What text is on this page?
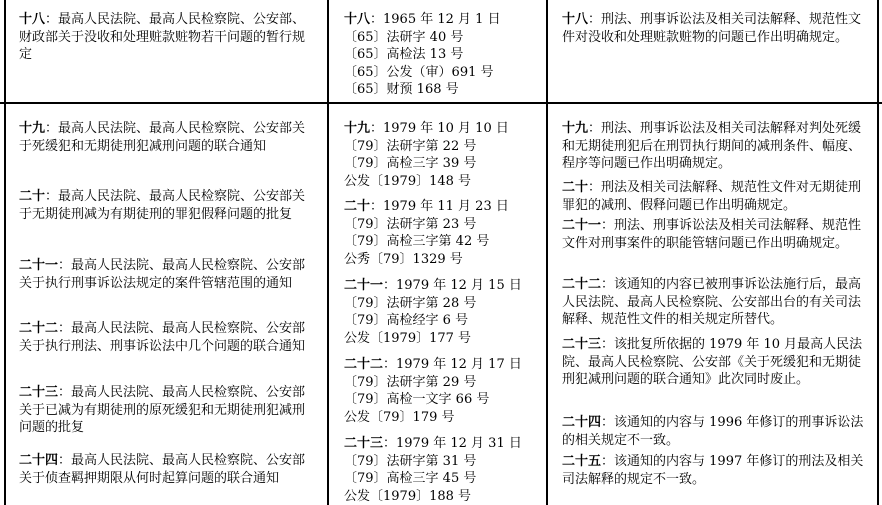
十八：最高人民法院、最高人民检察院、公安部、财政部关于没收和处理赃款赃物若干问题的暂行规定
十九：最高人民法院、最高人民检察院、公安部关于死缓犯和无期徒刑犯减刑问题的联合通知
二十：最高人民法院、最高人民检察院、公安部关于无期徒刑减为有期徒刑的罪犯假释问题的批复
二十一：最高人民法院、最高人民检察院、公安部关于执行刑事诉讼法规定的案件管辖范围的通知
二十二：最高人民法院、最高人民检察院、公安部关于执行刑法、刑事诉讼法中几个问题的联合通知
二十三：最高人民法院、最高人民检察院、公安部关于已减为有期徒刑的原死缓犯和无期徒刑犯减刑问题的批复
二十四：最高人民法院、最高人民检察院、公安部关于侦查羁押期限从何时起算问题的联合通知
十八：1965 年 12 月 1 日
〔65〕法研字 40 号
〔65〕高检法 13 号
〔65〕公发（审）691 号
〔65〕财预 168 号
十九：1979 年 10 月 10 日
〔79〕法研字第 22 号
〔79〕高检三字 39 号
公发〔1979〕148 号
二十：1979 年 11 月 23 日
〔79〕法研字第 23 号
〔79〕高检三字第 42 号
公秀〔79〕1329 号
二十一：1979 年 12 月 15 日
〔79〕法研字第 28 号
〔79〕高检经字 6 号
公发〔1979〕177 号
二十二：1979 年 12 月 17 日
〔79〕法研字第 29 号
〔79〕高检一文字 66 号
公发〔79〕179 号
二十三：1979 年 12 月 31 日
〔79〕法研字第 31 号
〔79〕高检三字 45 号
公发〔1979〕188 号
十八：刑法、刑事诉讼法及相关司法解释、规范性文件对没收和处理赃款赃物的问题已作出明确规定。
十九：刑法、刑事诉讼法及相关司法解释对判处死缓和无期徒刑犯后在刑罚执行期间的减刑条件、幅度、程序等问题已作出明确规定。
二十：刑法及相关司法解释、规范性文件对无期徒刑罪犯的减刑、假释问题已作出明确规定。
二十一：刑法、刑事诉讼法及相关司法解释、规范性文件对刑事案件的职能管辖问题已作出明确规定。
二十二：该通知的内容已被刑事诉讼法施行后，最高人民法院、最高人民检察院、公安部出台的有关司法解释、规范性文件的相关规定所替代。
二十三：该批复所依据的 1979 年 10 月最高人民法院、最高人民检察院、公安部《关于死缓犯和无期徒刑犯减刑问题的联合通知》此次同时废止。
二十四：该通知的内容与 1996 年修订的刑事诉讼法的相关规定不一致。
二十五：该通知的内容与 1997 年修订的刑法及相关司法解释的规定不一致。
